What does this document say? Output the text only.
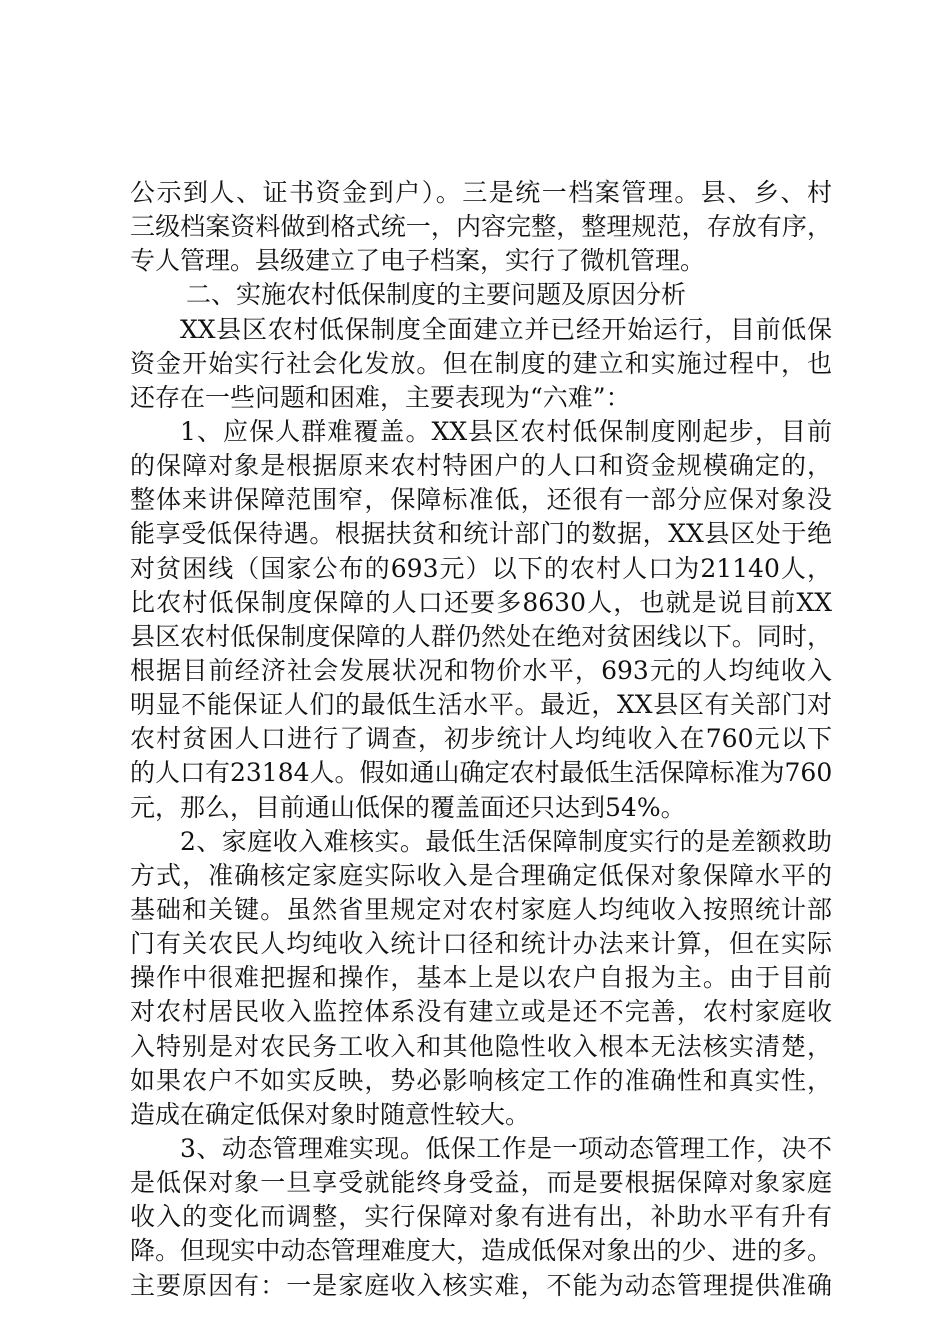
公示到人、证书资金到户）。三是统一档案管理。县、乡、村
三级档案资料做到格式统一，内容完整，整理规范，存放有序，
专人管理。县级建立了电子档案，实行了微机管理。
二、实施农村低保制度的主要问题及原因分析
XX县区农村低保制度全面建立并已经开始运行，目前低保
资金开始实行社会化发放。但在制度的建立和实施过程中，也
还存在一些问题和困难，主要表现为“六难”：
1、应保人群难覆盖。XX县区农村低保制度刚起步，目前
的保障对象是根据原来农村特困户的人口和资金规模确定的，
整体来讲保障范围窄，保障标准低，还很有一部分应保对象没
能享受低保待遇。根据扶贫和统计部门的数据，XX县区处于绝
对贫困线（国家公布的693元）以下的农村人口为21140人，
比农村低保制度保障的人口还要多8630人，也就是说目前XX
县区农村低保制度保障的人群仍然处在绝对贫困线以下。同时，
根据目前经济社会发展状况和物价水平，693元的人均纯收入
明显不能保证人们的最低生活水平。最近，XX县区有关部门对
农村贫困人口进行了调查，初步统计人均纯收入在760元以下
的人口有23184人。假如通山确定农村最低生活保障标准为760
元，那么，目前通山低保的覆盖面还只达到54%。
2、家庭收入难核实。最低生活保障制度实行的是差额救助
方式，准确核定家庭实际收入是合理确定低保对象保障水平的
基础和关键。虽然省里规定对农村家庭人均纯收入按照统计部
门有关农民人均纯收入统计口径和统计办法来计算，但在实际
操作中很难把握和操作，基本上是以农户自报为主。由于目前
对农村居民收入监控体系没有建立或是还不完善，农村家庭收
入特别是对农民务工收入和其他隐性收入根本无法核实清楚，
如果农户不如实反映，势必影响核定工作的准确性和真实性，
造成在确定低保对象时随意性较大。
3、动态管理难实现。低保工作是一项动态管理工作，决不
是低保对象一旦享受就能终身受益，而是要根据保障对象家庭
收入的变化而调整，实行保障对象有进有出，补助水平有升有
降。但现实中动态管理难度大，造成低保对象出的少、进的多。
主要原因有：一是家庭收入核实难，不能为动态管理提供准确
